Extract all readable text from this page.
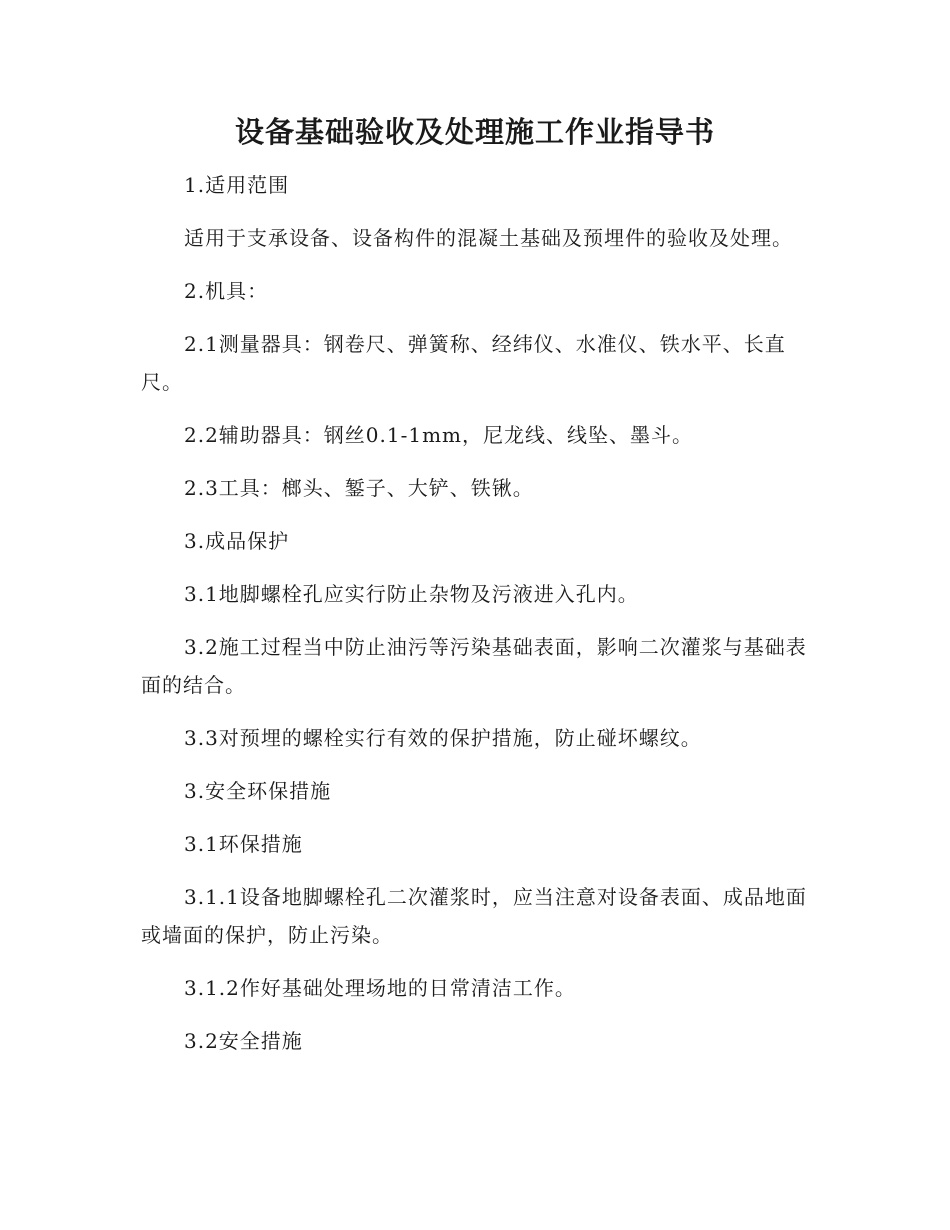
设备基础验收及处理施工作业指导书

1.适用范围

适用于支承设备、设备构件的混凝土基础及预埋件的验收及处理。

2.机具：

2.1测量器具：钢卷尺、弹簧称、经纬仪、水准仪、铁水平、长直尺。

2.2辅助器具：钢丝0.1-1mm，尼龙线、线坠、墨斗。

2.3工具：榔头、錾子、大铲、铁锹。

3.成品保护

3.1地脚螺栓孔应实行防止杂物及污液进入孔内。

3.2施工过程当中防止油污等污染基础表面，影响二次灌浆与基础表面的结合。

3.3对预埋的螺栓实行有效的保护措施，防止碰坏螺纹。

3.安全环保措施

3.1环保措施

3.1.1设备地脚螺栓孔二次灌浆时，应当注意对设备表面、成品地面或墙面的保护，防止污染。

3.1.2作好基础处理场地的日常清洁工作。

3.2安全措施
